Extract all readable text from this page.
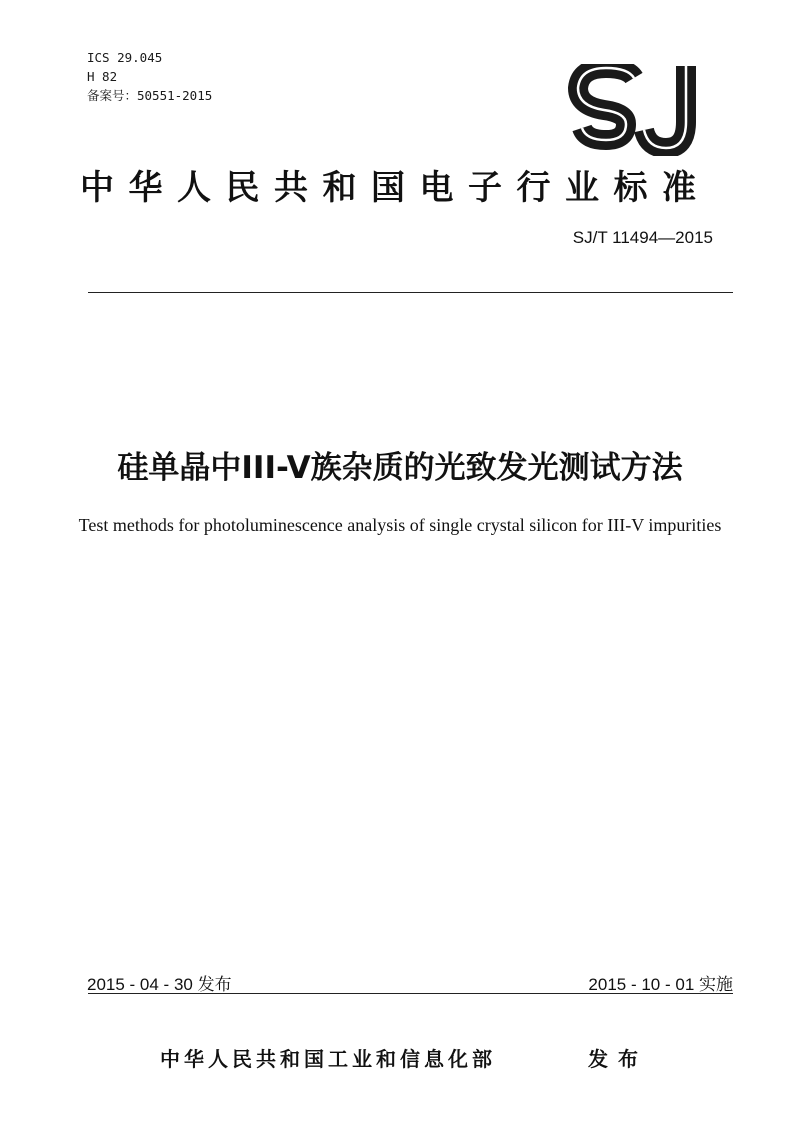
ICS 29.045
H 82
备案号：50551-2015
中华人民共和国电子行业标准
SJ/T 11494—2015
硅单晶中III-V族杂质的光致发光测试方法
Test methods for photoluminescence analysis of single crystal silicon for III-V impurities
2015 - 04 - 30 发布	2015 - 10 - 01 实施
中华人民共和国工业和信息化部	发布
